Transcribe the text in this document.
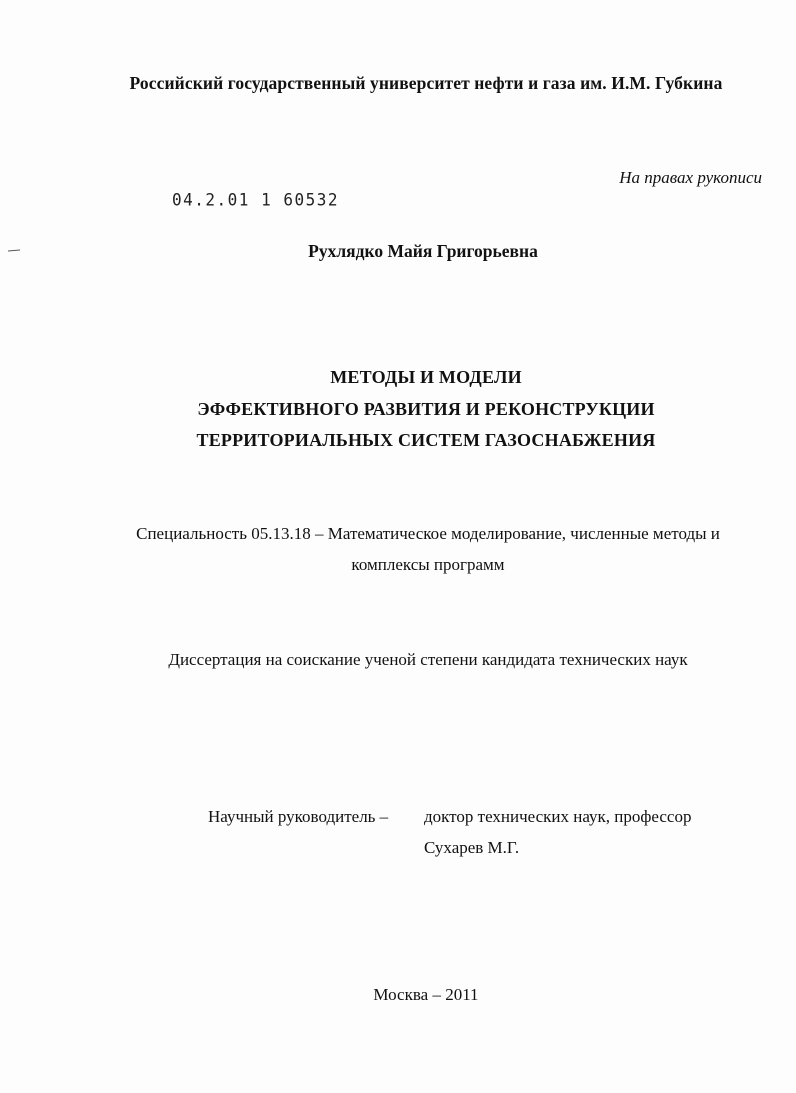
Российский государственный университет нефти и газа им. И.М. Губкина
На правах рукописи
04.2.01 1 60532
Рухлядко Майя Григорьевна
МЕТОДЫ И МОДЕЛИ
ЭФФЕКТИВНОГО РАЗВИТИЯ И РЕКОНСТРУКЦИИ
ТЕРРИТОРИАЛЬНЫХ СИСТЕМ ГАЗОСНАБЖЕНИЯ
Специальность 05.13.18 – Математическое моделирование, численные методы и
комплексы программ
Диссертация на соискание ученой степени кандидата технических наук
Научный руководитель – доктор технических наук, профессор
Сухарев М.Г.
Москва – 2011
